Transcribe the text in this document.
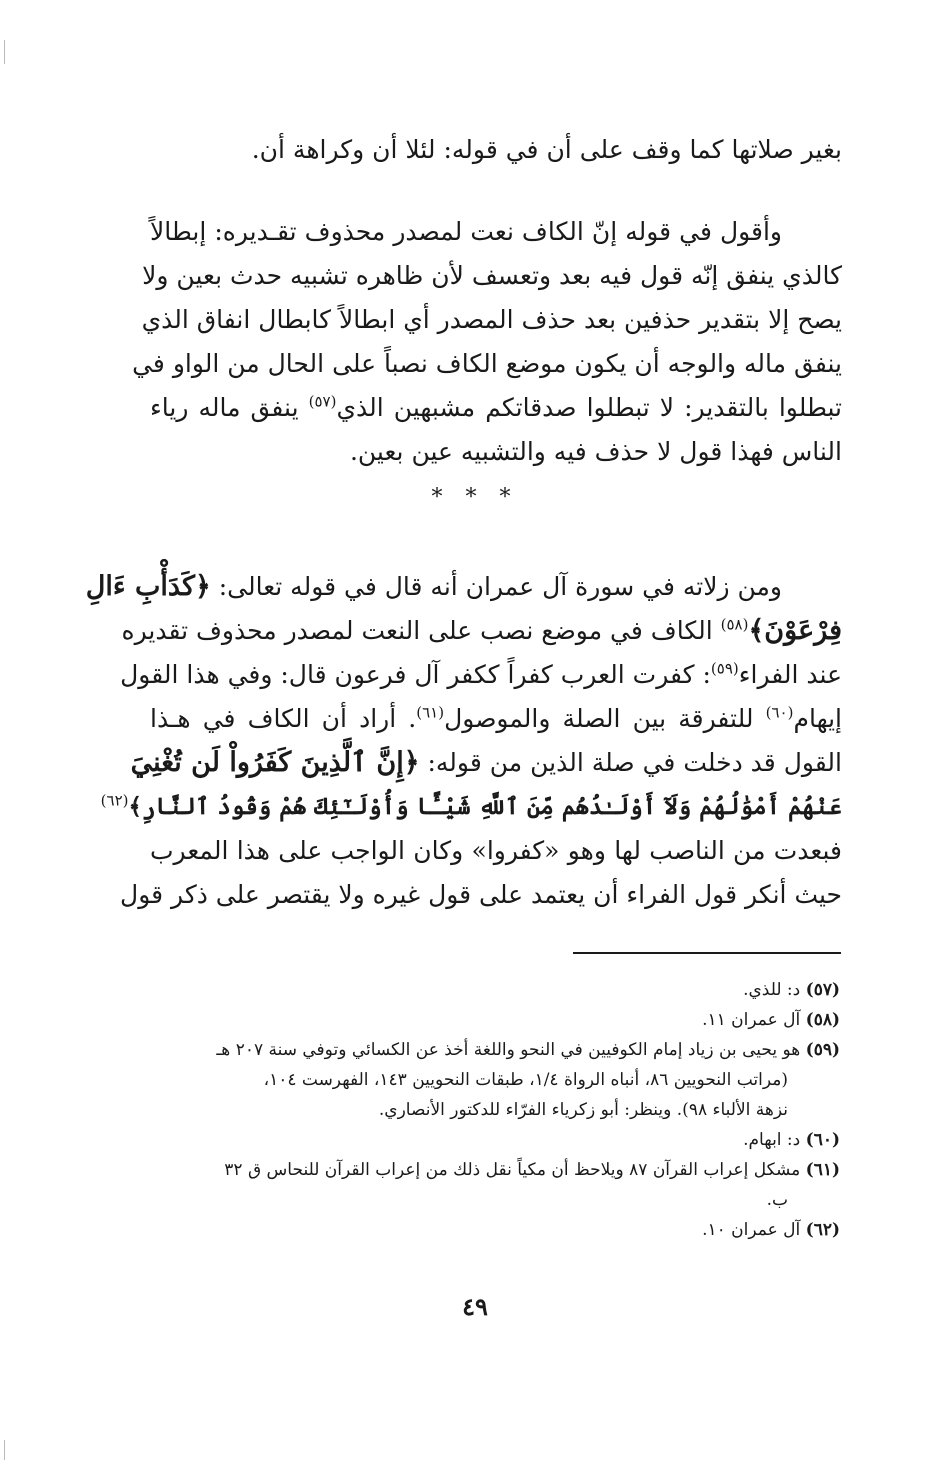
بغير صلاتها كما وقف على أن في قوله: لئلا أن وكراهة أن.
وأقول في قوله إنّ الكاف نعت لمصدر محذوف تقـديره: إبطالاً
كالذي ينفق إنّه قول فيه بعد وتعسف لأن ظاهره تشبيه حدث بعين ولا
يصح إلا بتقدير حذفين بعد حذف المصدر أي ابطالاً كابطال انفاق الذي
ينفق ماله والوجه أن يكون موضع الكاف نصباً على الحال من الواو في
تبطلوا بالتقدير: لا تبطلوا صدقاتكم مشبهين الذي$^{(٥٧)}$ ينفق ماله رياء
الناس فهذا قول لا حذف فيه والتشبيه عين بعين.
* * *
ومن زلاته في سورة آل عمران أنه قال في قوله تعالى: ﴿كَدَأْبِ ءَالِ
فِرْعَوْنَ﴾$^{(٥٨)}$ الكاف في موضع نصب على النعت لمصدر محذوف تقديره
عند الفراء$^{(٥٩)}$: كفرت العرب كفراً ككفر آل فرعون قال: وفي هذا القول
إيهام$^{(٦٠)}$ للتفرقة بين الصلة والموصول$^{(٦١)}$. أراد أن الكاف في هـذا
القول قد دخلت في صلة الذين من قوله: ﴿إِنَّ ٱلَّذِينَ كَفَرُواْ لَن تُغْنِيَ
عَنْهُمْ أَمْوَٰلُهُمْ وَلَآ أَوْلَـٰدُهُم مِّنَ ٱللَّهِ شَيْـًٔا وَأُوْلَـٰٓئِكَ هُمْ وَقُودُ ٱلنَّارِ﴾$^{(٦٢)}$
فبعدت من الناصب لها وهو «كفروا» وكان الواجب على هذا المعرب
حيث أنكر قول الفراء أن يعتمد على قول غيره ولا يقتصر على ذكر قول
(٥٧) د: للذي.
(٥٨) آل عمران ١١.
(٥٩) هو يحيى بن زياد إمام الكوفيين في النحو واللغة أخذ عن الكسائي وتوفي سنة ٢٠٧ هـ
(مراتب النحويين ٨٦، أنباه الرواة ١/٤، طبقات النحويين ١٤٣، الفهرست ١٠٤،
نزهة الألباء ٩٨). وينظر: أبو زكرياء الفرّاء للدكتور الأنصاري.
(٦٠) د: ابهام.
(٦١) مشكل إعراب القرآن ٨٧ ويلاحظ أن مكياً نقل ذلك من إعراب القرآن للنحاس ق ٣٢
ب.
(٦٢) آل عمران ١٠.
٤٩
